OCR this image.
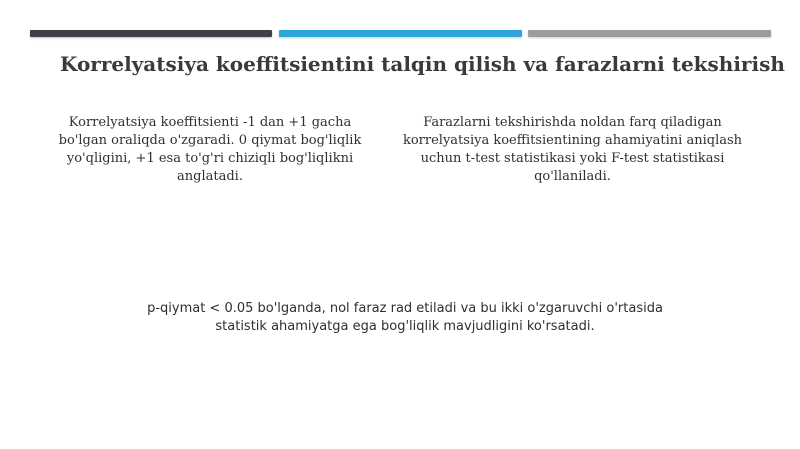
Korrelyatsiya koeffitsientini talqin qilish va farazlarni tekshirish
Korrelyatsiya koeffitsienti -1 dan +1 gacha bo'lgan oraliqda o'zgaradi. 0 qiymat bog'liqlik yo'qligini, +1 esa to'g'ri chiziqli bog'liqlikni anglatadi.
Farazlarni tekshirishda noldan farq qiladigan korrelyatsiya koeffitsientining ahamiyatini aniqlash uchun t-test statistikasi yoki F-test statistikasi qo'llaniladi.
p-qiymat < 0.05 bo'lganda, nol faraz rad etiladi va bu ikki o'zgaruvchi o'rtasida statistik ahamiyatga ega bog'liqlik mavjudligini ko'rsatadi.
